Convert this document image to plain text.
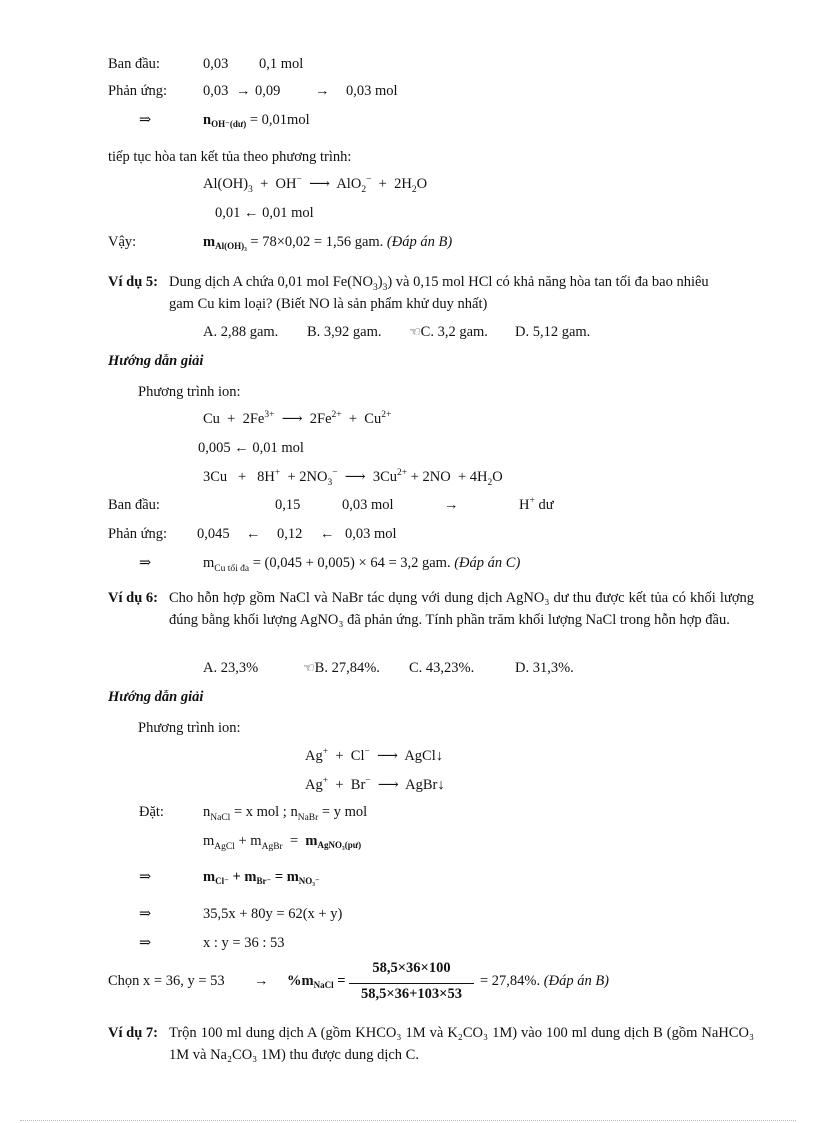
Ban đầu:	0,03 0,1 mol
Phản ứng: 0,03 → 0,09 → 0,03 mol
⇒	$n_{OH^-(dư)} = 0,01mol$
tiếp tục hòa tan kết tủa theo phương trình:
$Al(OH)_3 + OH^-$  ⟶  $AlO_2^- + 2H_2O$
0,01 ← 0,01 mol
Vậy:	$m_{Al(OH)_3} = 78\times 0,02 = 1,56$ gam. (Đáp án B)
Ví dụ 5: Dung dịch A chứa 0,01 mol $Fe(NO_3)_3$) và 0,15 mol HCl có khả năng hòa tan tối đa bao nhiêu
gam Cu kim loại? (Biết NO là sản phẩm khử duy nhất)
A. 2,88 gam. B. 3,92 gam. ☜C. 3,2 gam. D. 5,12 gam.
Hướng dẫn giải
Phương trình ion:
$Cu + 2Fe^{3+}$  ⟶  $2Fe^{2+} + Cu^{2+}$
0,005 ← 0,01 mol
$3Cu + 8H^+ + 2NO_3^-$  ⟶  $3Cu^{2+} + 2NO + 4H_2O$
Ban đầu:	0,15	0,03 mol	→	H+ dư
Phản ứng: 0,045 ← 0,12 ← 0,03 mol
⇒	$m_{Cu tối đa} = (0,045 + 0,005) \times 64 = 3,2$ gam. (Đáp án C)
Ví dụ 6: Cho hỗn hợp gồm NaCl và NaBr tác dụng với dung dịch AgNO₃ dư thu được kết tủa có khối lượng đúng bằng khối lượng AgNO₃ đã phản ứng. Tính phần trăm khối lượng NaCl trong hỗn hợp đầu.
A. 23,3%	☜B. 27,84%. C. 43,23%.	D. 31,3%.
Hướng dẫn giải
Phương trình ion:
Ag+  +  Cl−  ⟶  AgCl↓
Ag+  +  Br−  ⟶  AgBr↓
Đặt:	$n_{NaCl} = x$ mol ; $n_{NaBr} = y$ mol
$m_{AgCl} + m_{AgBr} = m_{AgNO_3(pư)}$
⇒	$m_{Cl^-} + m_{Br^-} = m_{NO_3^-}$
⇒	35,5x + 80y = 62(x + y)
⇒	x : y = 36 : 53
Chọn x = 36, $y = 53 \to \%m_{NaCl}$ =
58,5×36×100
58,5×36+103×53
= 27,84%. (Đáp án B)
Ví dụ 7: Trộn 100 ml dung dịch A (gồm KHCO₃ 1M và K₂CO₃ 1M) vào 100 ml dung dịch B (gồm NaHCO₃ 1M và Na₂CO₃ 1M) thu được dung dịch C.
